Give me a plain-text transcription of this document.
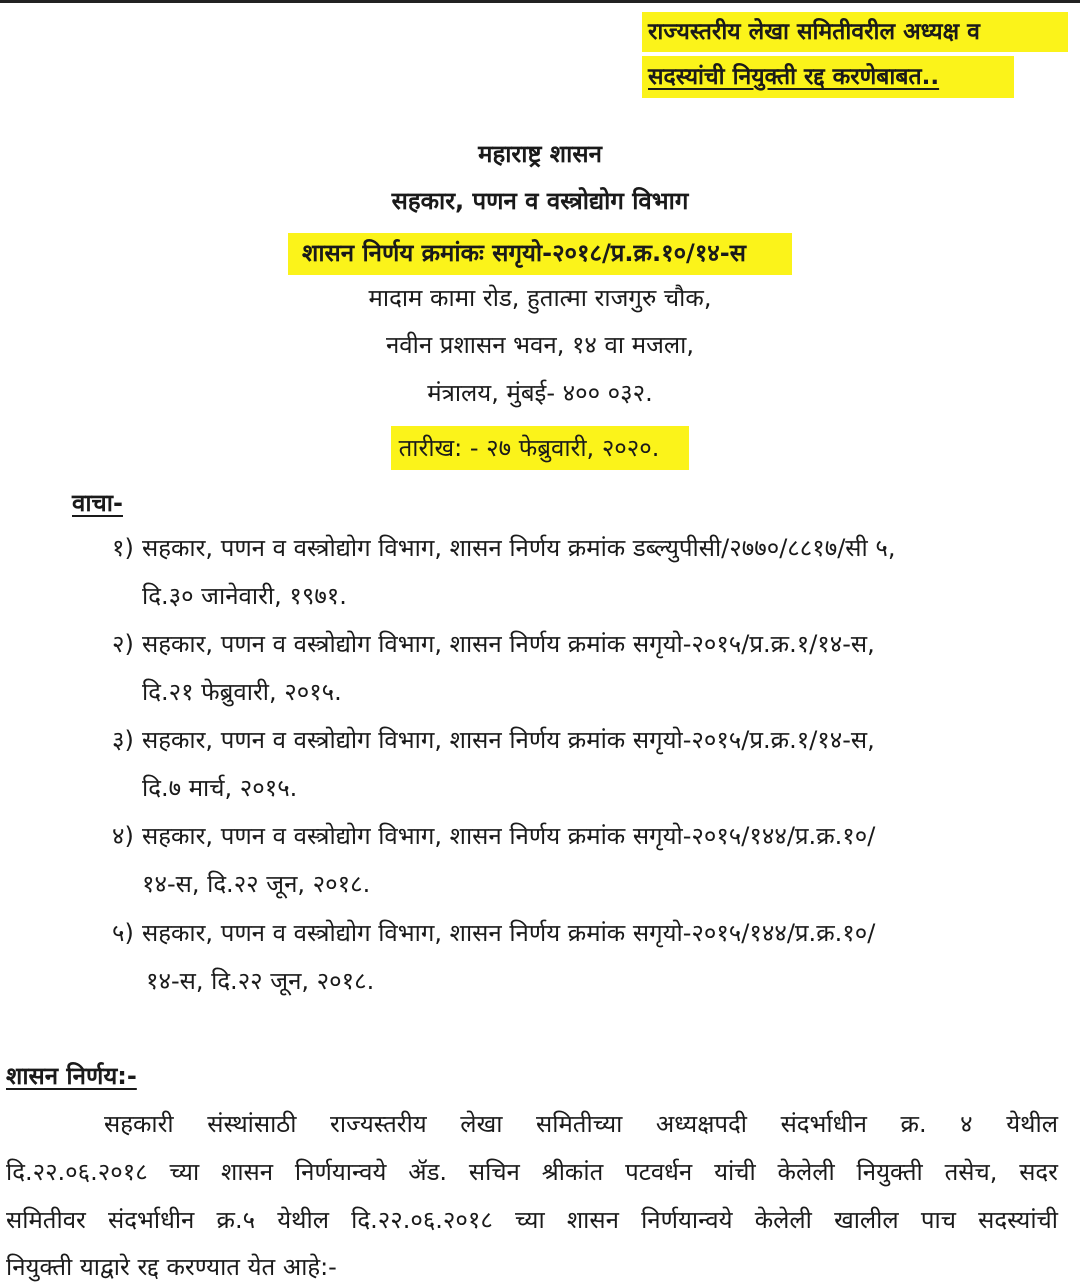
राज्यस्तरीय लेखा समितीवरील अध्यक्ष व
सदस्यांची नियुक्ती रद्द करणेबाबत..
महाराष्ट्र शासन
सहकार, पणन व वस्त्रोद्योग विभाग
शासन निर्णय क्रमांकः सगृयो-२०१८/प्र.क्र.१०/१४-स
मादाम कामा रोड, हुतात्मा राजगुरु चौक,
नवीन प्रशासन भवन, १४ वा मजला,
मंत्रालय, मुंबई- ४०० ०३२.
तारीख: - २७ फेब्रुवारी, २०२०.
वाचा-
१) सहकार, पणन व वस्त्रोद्योग विभाग, शासन निर्णय क्रमांक डब्ल्युपीसी/२७७०/८८१७/सी ५,
दि.३० जानेवारी, १९७१.
२) सहकार, पणन व वस्त्रोद्योग विभाग, शासन निर्णय क्रमांक सगृयो-२०१५/प्र.क्र.१/१४-स,
दि.२१ फेब्रुवारी, २०१५.
३) सहकार, पणन व वस्त्रोद्योग विभाग, शासन निर्णय क्रमांक सगृयो-२०१५/प्र.क्र.१/१४-स,
दि.७ मार्च, २०१५.
४) सहकार, पणन व वस्त्रोद्योग विभाग, शासन निर्णय क्रमांक सगृयो-२०१५/१४४/प्र.क्र.१०/
१४-स, दि.२२ जून, २०१८.
५) सहकार, पणन व वस्त्रोद्योग विभाग, शासन निर्णय क्रमांक सगृयो-२०१५/१४४/प्र.क्र.१०/
१४-स, दि.२२ जून, २०१८.
शासन निर्णय:-
सहकारी संस्थांसाठी राज्यस्तरीय लेखा समितीच्या अध्यक्षपदी संदर्भाधीन क्र. ४ येथील
दि.२२.०६.२०१८ च्या शासन निर्णयान्वये ॲड. सचिन श्रीकांत पटवर्धन यांची केलेली नियुक्ती तसेच, सदर
समितीवर संदर्भाधीन क्र.५ येथील दि.२२.०६.२०१८ च्या शासन निर्णयान्वये केलेली खालील पाच सदस्यांची
नियुक्ती याद्वारे रद्द करण्यात येत आहे:-
